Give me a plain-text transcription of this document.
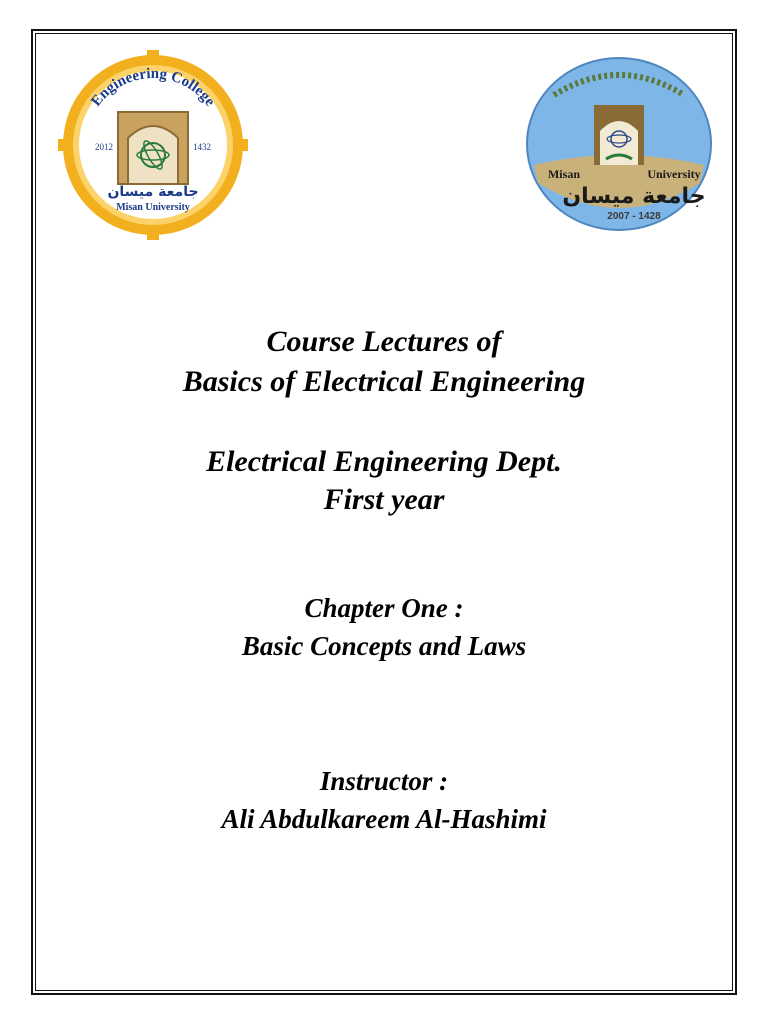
Engineering College
2012	1432
جامعة ميسان
Misan University
Misan	University
جامعة ميسان
2007 - 1428
Course Lectures of
Basics of Electrical Engineering
Electrical Engineering Dept.
First year
Chapter One :
Basic Concepts and Laws
Instructor :
Ali Abdulkareem Al-Hashimi
